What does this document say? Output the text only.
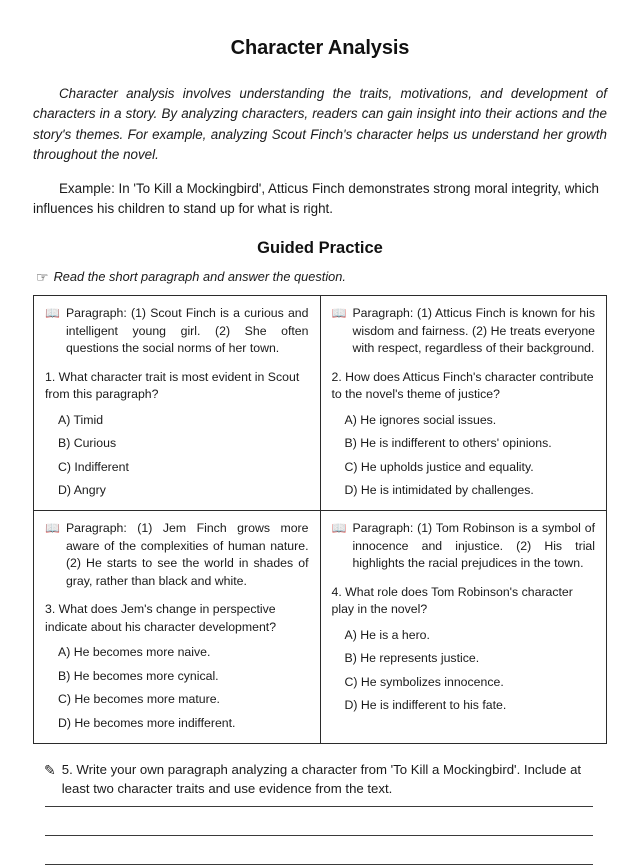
Character Analysis

Character analysis involves understanding the traits, motivations, and development of characters in a story. By analyzing characters, readers can gain insight into their actions and the story's themes. For example, analyzing Scout Finch's character helps us understand her growth throughout the novel.

Example: In 'To Kill a Mockingbird', Atticus Finch demonstrates strong moral integrity, which influences his children to stand up for what is right.

Guided Practice
☞ Read the short paragraph and answer the question.
📖 Paragraph: (1) Scout Finch is a curious and intelligent young girl. (2) She often questions the social norms of her town.
1. What character trait is most evident in Scout from this paragraph?
A) Timid
B) Curious
C) Indifferent
D) Angry

📖 Paragraph: (1) Atticus Finch is known for his wisdom and fairness. (2) He treats everyone with respect, regardless of their background.
2. How does Atticus Finch's character contribute to the novel's theme of justice?
A) He ignores social issues.
B) He is indifferent to others' opinions.
C) He upholds justice and equality.
D) He is intimidated by challenges.

📖 Paragraph: (1) Jem Finch grows more aware of the complexities of human nature. (2) He starts to see the world in shades of gray, rather than black and white.
3. What does Jem's change in perspective indicate about his character development?
A) He becomes more naive.
B) He becomes more cynical.
C) He becomes more mature.
D) He becomes more indifferent.

📖 Paragraph: (1) Tom Robinson is a symbol of innocence and injustice. (2) His trial highlights the racial prejudices in the town.
4. What role does Tom Robinson's character play in the novel?
A) He is a hero.
B) He represents justice.
C) He symbolizes innocence.
D) He is indifferent to his fate.
✎ 5. Write your own paragraph analyzing a character from 'To Kill a Mockingbird'. Include at least two character traits and use evidence from the text.
